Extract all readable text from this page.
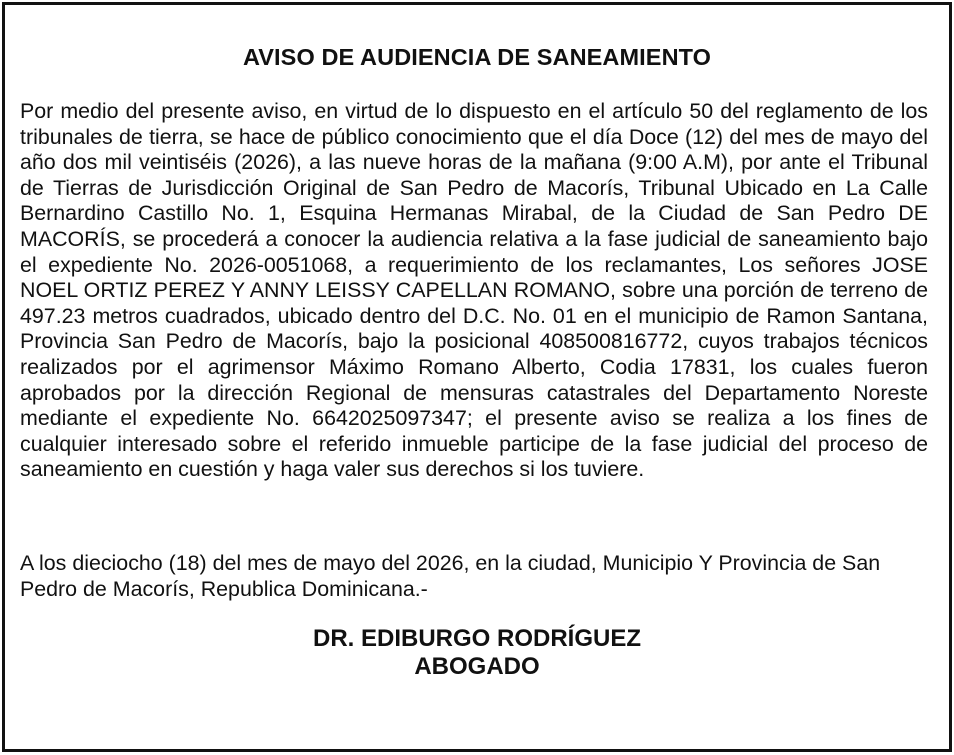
AVISO DE AUDIENCIA DE SANEAMIENTO

Por medio del presente aviso, en virtud de lo dispuesto en el artículo 50 del reglamento de los tribunales de tierra, se hace de público conocimiento que el día Doce (12) del mes de mayo del año dos mil veintiséis (2026), a las nueve horas de la mañana (9:00 A.M), por ante el Tribunal de Tierras de Jurisdicción Original de San Pedro de Macorís, Tribunal Ubicado en La Calle Bernardino Castillo No. 1, Esquina Hermanas Mirabal, de la Ciudad de San Pedro DE MACORÍS, se procederá a conocer la audiencia relativa a la fase judicial de saneamiento bajo el expediente No. 2026-0051068, a requerimiento de los reclamantes, Los señores JOSE NOEL ORTIZ PEREZ Y ANNY LEISSY CAPELLAN ROMANO, sobre una porción de terreno de 497.23 metros cuadrados, ubicado dentro del D.C. No. 01 en el municipio de Ramon Santana, Provincia San Pedro de Macorís, bajo la posicional 408500816772, cuyos trabajos técnicos realizados por el agrimensor Máximo Romano Alberto, Codia 17831, los cuales fueron aprobados por la dirección Regional de mensuras catastrales del Departamento Noreste mediante el expediente No. 6642025097347; el presente aviso se realiza a los fines de cualquier interesado sobre el referido inmueble participe de la fase judicial del proceso de saneamiento en cuestión y haga valer sus derechos si los tuviere.

A los dieciocho (18) del mes de mayo del 2026, en la ciudad, Municipio Y Provincia de San Pedro de Macorís, Republica Dominicana.-

DR. EDIBURGO RODRÍGUEZ
ABOGADO
